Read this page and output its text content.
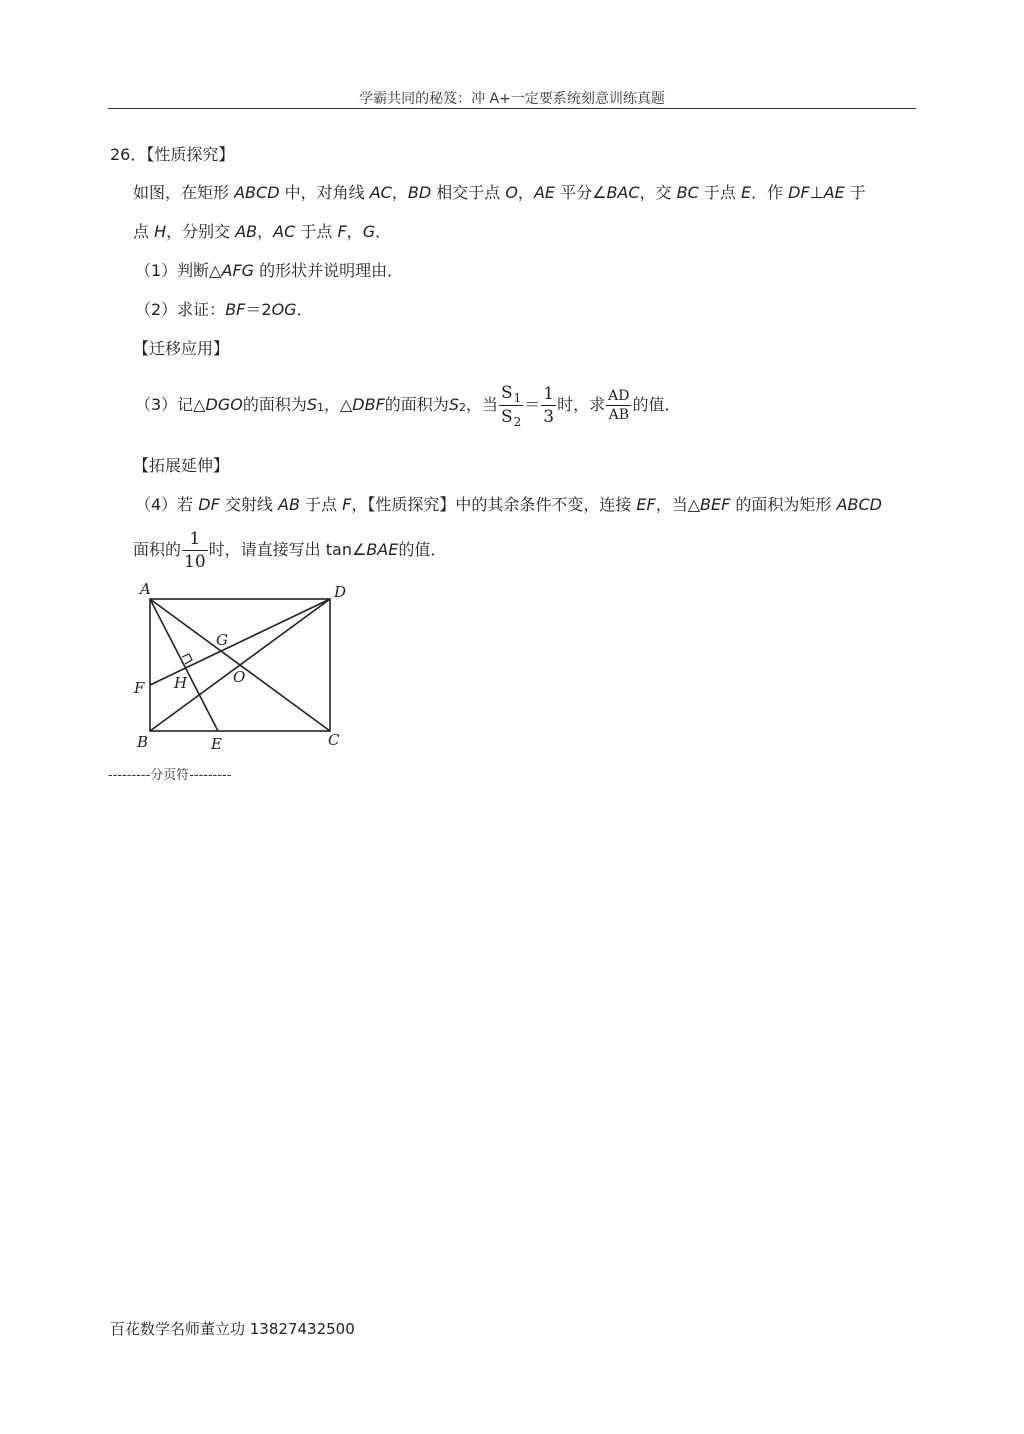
学霸共同的秘笈：冲 A+一定要系统刻意训练真题
26．【性质探究】
如图，在矩形 ABCD 中，对角线 AC，BD 相交于点 O，AE 平分∠BAC，交 BC 于点 E．作 DF⊥AE 于
点 H，分别交 AB，AC 于点 F，G．
（1）判断△AFG 的形状并说明理由．
（2）求证：BF＝2OG．
【迁移应用】
（3）记△ DGO 的面积为 S 1 ，△ DBF 的面积为 S 2 ，当 $\frac{S_1}{S_2} = \frac{1}{3}$ 时，求 $\frac{AD}{AB}$ 的值．
【拓展延伸】
（4）若 DF 交射线 AB 于点 F，【性质探究】中的其余条件不变，连接 EF，当△BEF 的面积为矩形 ABCD
面积的 $\frac{1}{10}$ 时，请直接写出 tan∠ BAE 的值．
A	D
G
O
H
F
B	E	C
---------分页符---------
百花数学名师董立功 13827432500
